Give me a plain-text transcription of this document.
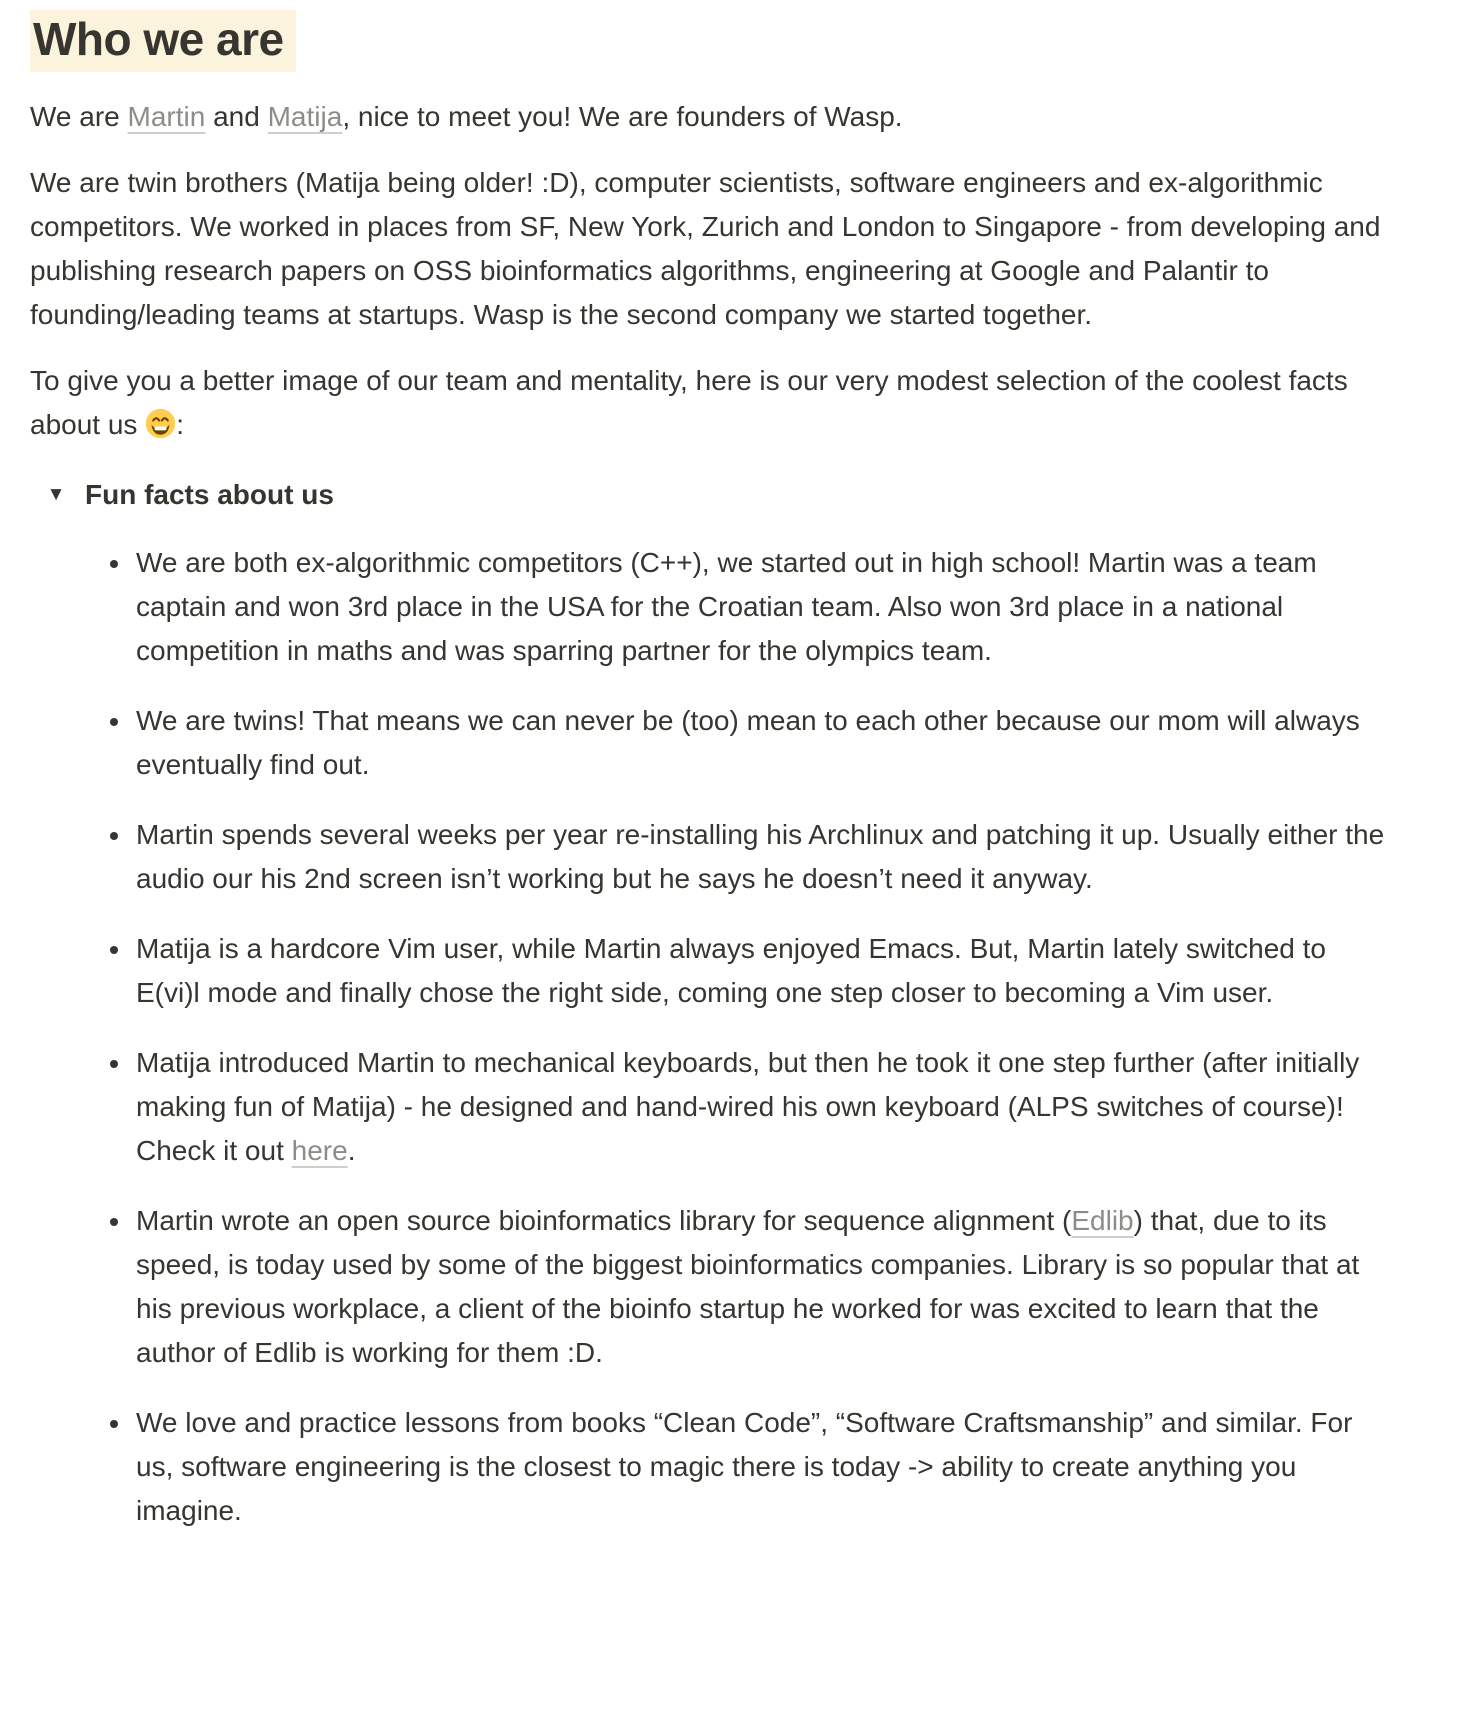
Who we are

We are Martin and Matija, nice to meet you! We are founders of Wasp.

We are twin brothers (Matija being older! :D), computer scientists, software engineers and ex-algorithmic competitors. We worked in places from SF, New York, Zurich and London to Singapore - from developing and publishing research papers on OSS bioinformatics algorithms, engineering at Google and Palantir to founding/leading teams at startups. Wasp is the second company we started together.

To give you a better image of our team and mentality, here is our very modest selection of the coolest facts about us :

▼ Fun facts about us
• We are both ex-algorithmic competitors (C++), we started out in high school! Martin was a team captain and won 3rd place in the USA for the Croatian team. Also won 3rd place in a national competition in maths and was sparring partner for the olympics team.
• We are twins! That means we can never be (too) mean to each other because our mom will always eventually find out.
• Martin spends several weeks per year re-installing his Archlinux and patching it up. Usually either the audio our his 2nd screen isn’t working but he says he doesn’t need it anyway.
• Matija is a hardcore Vim user, while Martin always enjoyed Emacs. But, Martin lately switched to E(vi)l mode and finally chose the right side, coming one step closer to becoming a Vim user.
• Matija introduced Martin to mechanical keyboards, but then he took it one step further (after initially making fun of Matija) - he designed and hand-wired his own keyboard (ALPS switches of course)! Check it out here.
• Martin wrote an open source bioinformatics library for sequence alignment (Edlib) that, due to its speed, is today used by some of the biggest bioinformatics companies. Library is so popular that at his previous workplace, a client of the bioinfo startup he worked for was excited to learn that the author of Edlib is working for them :D.
• We love and practice lessons from books “Clean Code”, “Software Craftsmanship” and similar. For us, software engineering is the closest to magic there is today -> ability to create anything you imagine.
